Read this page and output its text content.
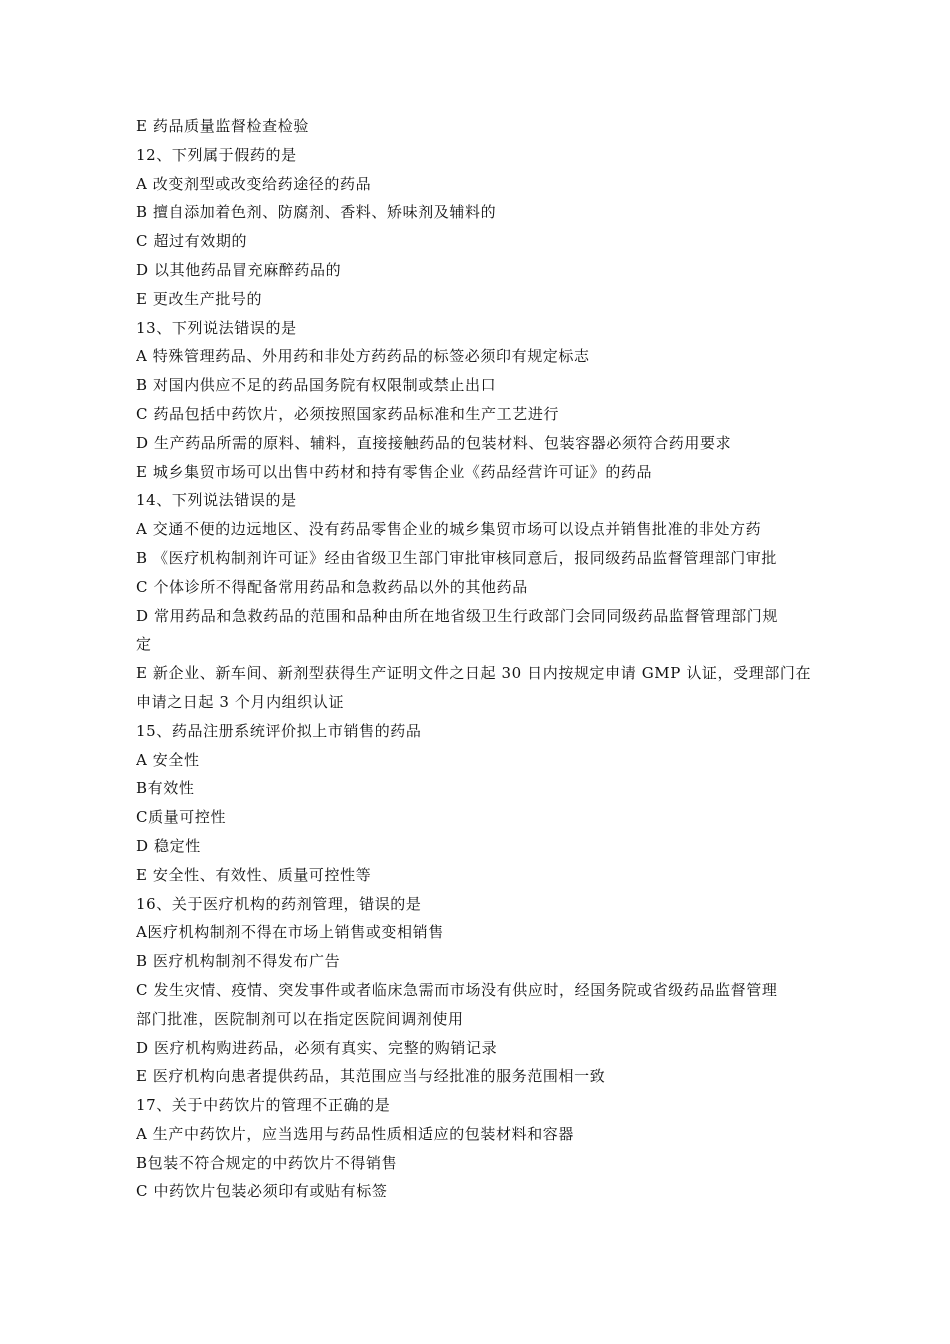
E 药品质量监督检查检验
12、下列属于假药的是
A 改变剂型或改变给药途径的药品
B 擅自添加着色剂、防腐剂、香料、矫味剂及辅料的
C 超过有效期的
D 以其他药品冒充麻醉药品的
E 更改生产批号的
13、下列说法错误的是
A 特殊管理药品、外用药和非处方药药品的标签必须印有规定标志
B 对国内供应不足的药品国务院有权限制或禁止出口
C 药品包括中药饮片，必须按照国家药品标准和生产工艺进行
D 生产药品所需的原料、辅料，直接接触药品的包装材料、包装容器必须符合药用要求
E 城乡集贸市场可以出售中药材和持有零售企业《药品经营许可证》的药品
14、下列说法错误的是
A 交通不便的边远地区、没有药品零售企业的城乡集贸市场可以设点并销售批准的非处方药
B 《医疗机构制剂许可证》经由省级卫生部门审批审核同意后，报同级药品监督管理部门审批
C 个体诊所不得配备常用药品和急救药品以外的其他药品
D 常用药品和急救药品的范围和品种由所在地省级卫生行政部门会同同级药品监督管理部门规
定
E 新企业、新车间、新剂型获得生产证明文件之日起 30 日内按规定申请 GMP 认证，受理部门在
申请之日起 3 个月内组织认证
15、药品注册系统评价拟上市销售的药品
A 安全性
B有效性
C质量可控性
D 稳定性
E 安全性、有效性、质量可控性等
16、关于医疗机构的药剂管理，错误的是
A医疗机构制剂不得在市场上销售或变相销售
B 医疗机构制剂不得发布广告
C 发生灾情、疫情、突发事件或者临床急需而市场没有供应时，经国务院或省级药品监督管理
部门批准，医院制剂可以在指定医院间调剂使用
D 医疗机构购进药品，必须有真实、完整的购销记录
E 医疗机构向患者提供药品，其范围应当与经批准的服务范围相一致
17、关于中药饮片的管理不正确的是
A 生产中药饮片，应当选用与药品性质相适应的包装材料和容器
B包装不符合规定的中药饮片不得销售
C 中药饮片包装必须印有或贴有标签
